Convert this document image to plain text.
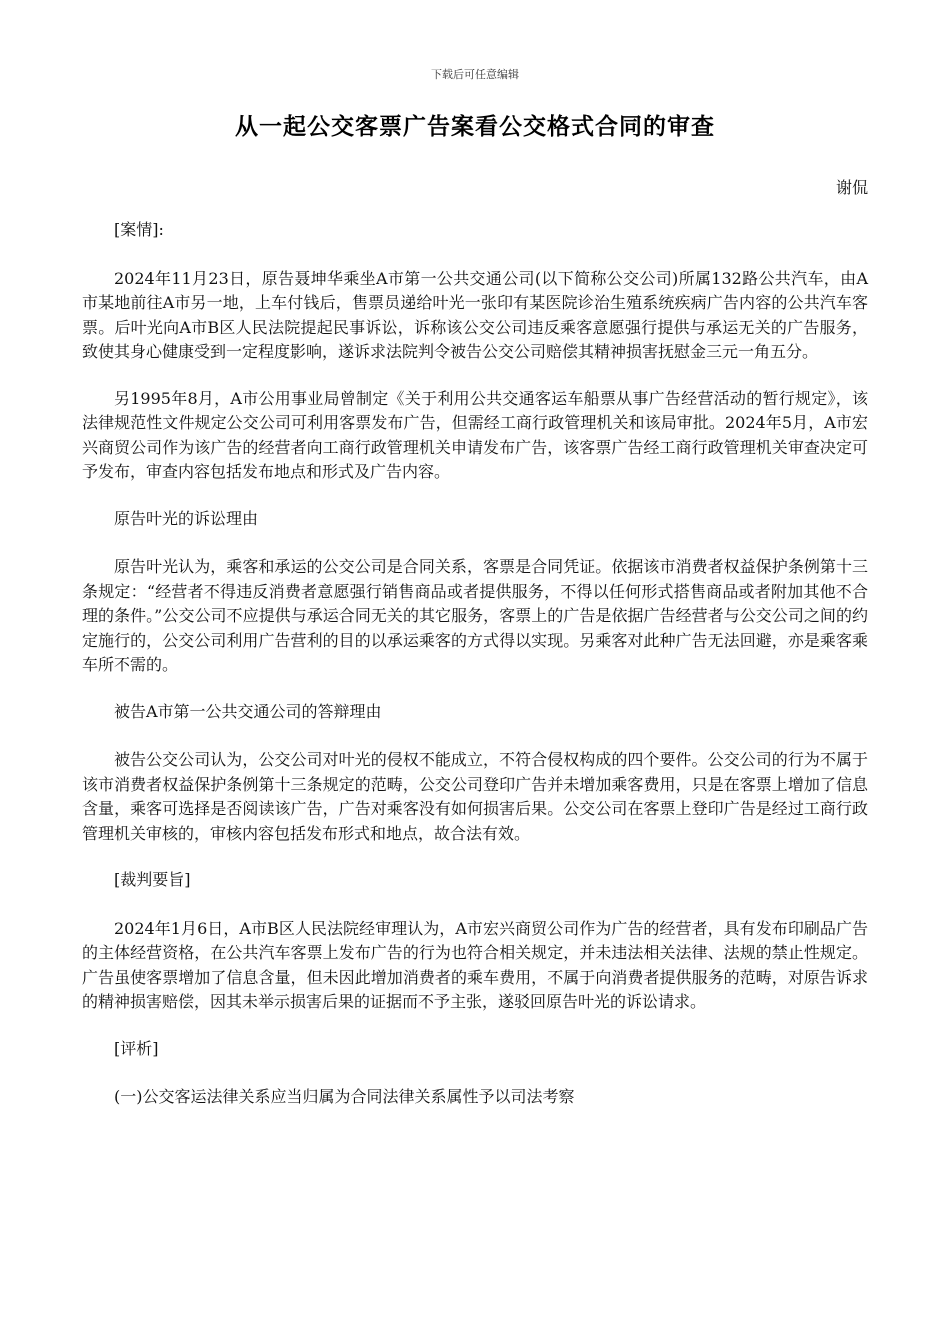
下载后可任意编辑
从一起公交客票广告案看公交格式合同的审查
谢侃

[案情]:

2024年11月23日，原告聂坤华乘坐A市第一公共交通公司(以下简称公交公司)所属132路公共汽车，由A市某地前往A市另一地，上车付钱后，售票员递给叶光一张印有某医院诊治生殖系统疾病广告内容的公共汽车客票。后叶光向A市B区人民法院提起民事诉讼，诉称该公交公司违反乘客意愿强行提供与承运无关的广告服务，致使其身心健康受到一定程度影响，遂诉求法院判令被告公交公司赔偿其精神损害抚慰金三元一角五分。

另1995年8月，A市公用事业局曾制定《关于利用公共交通客运车船票从事广告经营活动的暂行规定》，该法律规范性文件规定公交公司可利用客票发布广告，但需经工商行政管理机关和该局审批。2024年5月，A市宏兴商贸公司作为该广告的经营者向工商行政管理机关申请发布广告，该客票广告经工商行政管理机关审查决定可予发布，审查内容包括发布地点和形式及广告内容。

原告叶光的诉讼理由

原告叶光认为，乘客和承运的公交公司是合同关系，客票是合同凭证。依据该市消费者权益保护条例第十三条规定：“经营者不得违反消费者意愿强行销售商品或者提供服务，不得以任何形式搭售商品或者附加其他不合理的条件。”公交公司不应提供与承运合同无关的其它服务，客票上的广告是依据广告经营者与公交公司之间的约定施行的，公交公司利用广告营利的目的以承运乘客的方式得以实现。另乘客对此种广告无法回避，亦是乘客乘车所不需的。

被告A市第一公共交通公司的答辩理由

被告公交公司认为，公交公司对叶光的侵权不能成立，不符合侵权构成的四个要件。公交公司的行为不属于该市消费者权益保护条例第十三条规定的范畴，公交公司登印广告并未增加乘客费用，只是在客票上增加了信息含量，乘客可选择是否阅读该广告，广告对乘客没有如何损害后果。公交公司在客票上登印广告是经过工商行政管理机关审核的，审核内容包括发布形式和地点，故合法有效。

[裁判要旨]

2024年1月6日，A市B区人民法院经审理认为，A市宏兴商贸公司作为广告的经营者，具有发布印刷品广告的主体经营资格，在公共汽车客票上发布广告的行为也符合相关规定，并未违法相关法律、法规的禁止性规定。广告虽使客票增加了信息含量，但未因此增加消费者的乘车费用，不属于向消费者提供服务的范畴，对原告诉求的精神损害赔偿，因其未举示损害后果的证据而不予主张，遂驳回原告叶光的诉讼请求。

[评析]

(一)公交客运法律关系应当归属为合同法律关系属性予以司法考察
